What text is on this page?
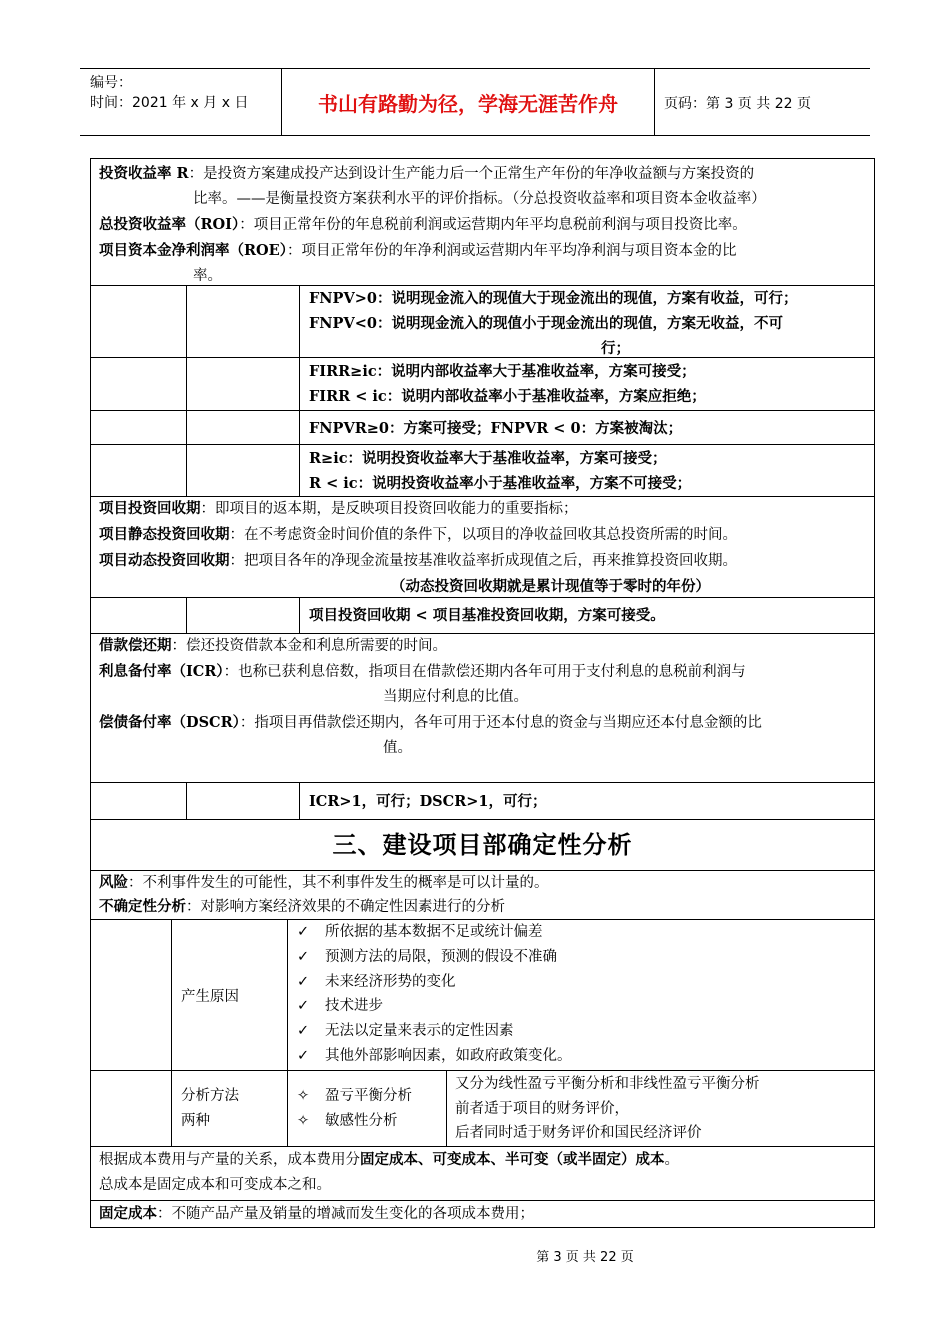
编号：
时间：2021 年 x 月 x 日	书山有路勤为径，学海无涯苦作舟	页码：第 3 页 共 22 页

投资收益率 R：是投资方案建成投产达到设计生产能力后一个正常生产年份的年净收益额与方案投资的

比率。——是衡量投资方案获利水平的评价指标。（分总投资收益率和项目资本金收益率）

总投资收益率（ROI）：项目正常年份的年息税前利润或运营期内年平均息税前利润与项目投资比率。

项目资本金净利润率（ROE）：项目正常年份的年净利润或运营期内年平均净利润与项目资本金的比

率。

FNPV>0：说明现金流入的现值大于现金流出的现值，方案有收益，可行；
FNPV<0：说明现金流入的现值小于现金流出的现值，方案无收益，不可
行；
FIRR≥ic：说明内部收益率大于基准收益率，方案可接受；
FIRR < ic：说明内部收益率小于基准收益率，方案应拒绝；
FNPVR≥0：方案可接受；FNPVR < 0：方案被淘汰；
R≥ic：说明投资收益率大于基准收益率，方案可接受；
R < ic：说明投资收益率小于基准收益率，方案不可接受；

项目投资回收期：即项目的返本期，是反映项目投资回收能力的重要指标；

项目静态投资回收期：在不考虑资金时间价值的条件下，以项目的净收益回收其总投资所需的时间。

项目动态投资回收期：把项目各年的净现金流量按基准收益率折成现值之后，再来推算投资回收期。

（动态投资回收期就是累计现值等于零时的年份）

项目投资回收期 < 项目基准投资回收期，方案可接受。

借款偿还期：偿还投资借款本金和利息所需要的时间。

利息备付率（ICR）：也称已获利息倍数，指项目在借款偿还期内各年可用于支付利息的息税前利润与

当期应付利息的比值。

偿债备付率（DSCR）：指项目再借款偿还期内，各年可用于还本付息的资金与当期应还本付息金额的比

值。

ICR>1，可行；DSCR>1，可行；
三、建设项目部确定性分析

风险：不利事件发生的可能性，其不利事件发生的概率是可以计量的。

不确定性分析：对影响方案经济效果的不确定性因素进行的分析

产生原因
✓ 所依据的基本数据不足或统计偏差
✓ 预测方法的局限，预测的假设不准确
✓ 未来经济形势的变化
✓ 技术进步
✓ 无法以定量来表示的定性因素
✓ 其他外部影响因素，如政府政策变化。
分析方法
两种
✧ 盈亏平衡分析
✧ 敏感性分析
又分为线性盈亏平衡分析和非线性盈亏平衡分析
前者适于项目的财务评价，
后者同时适于财务评价和国民经济评价

根据成本费用与产量的关系，成本费用分固定成本、可变成本、半可变（或半固定）成本。

总成本是固定成本和可变成本之和。

固定成本：不随产品产量及销量的增减而发生变化的各项成本费用；

第 3 页 共 22 页
